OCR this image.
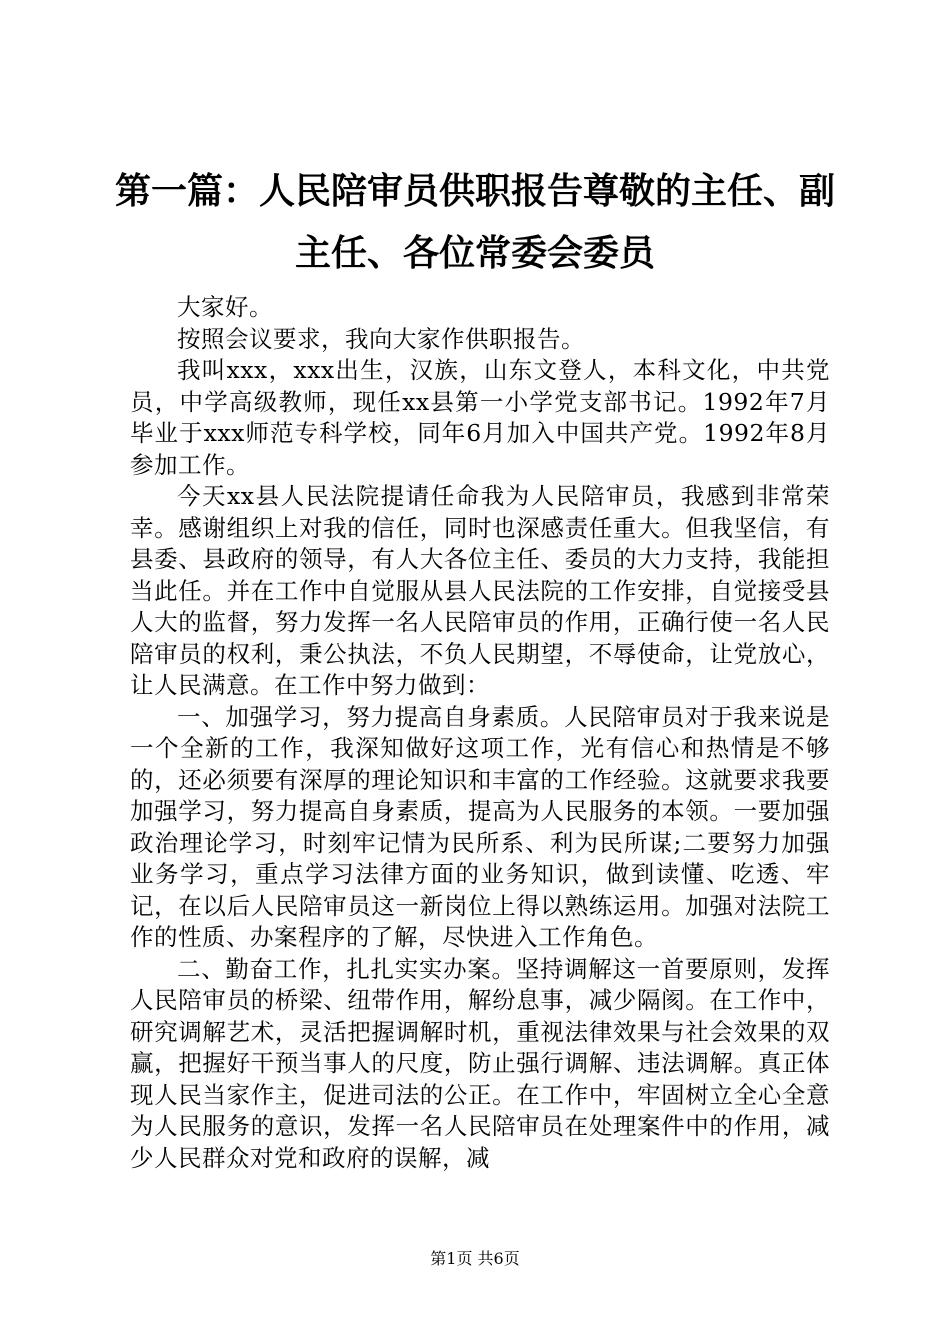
第一篇：人民陪审员供职报告尊敬的主任、副主任、各位常委会委员

大家好。

按照会议要求，我向大家作供职报告。

我叫xxx，xxx出生，汉族，山东文登人，本科文化，中共党员，中学高级教师，现任xx县第一小学党支部书记。1992年7月毕业于xxx师范专科学校，同年6月加入中国共产党。1992年8月参加工作。

今天xx县人民法院提请任命我为人民陪审员，我感到非常荣幸。感谢组织上对我的信任，同时也深感责任重大。但我坚信，有县委、县政府的领导，有人大各位主任、委员的大力支持，我能担当此任。并在工作中自觉服从县人民法院的工作安排，自觉接受县人大的监督，努力发挥一名人民陪审员的作用，正确行使一名人民陪审员的权利，秉公执法，不负人民期望，不辱使命，让党放心，让人民满意。在工作中努力做到：

一、加强学习，努力提高自身素质。人民陪审员对于我来说是一个全新的工作，我深知做好这项工作，光有信心和热情是不够的，还必须要有深厚的理论知识和丰富的工作经验。这就要求我要加强学习，努力提高自身素质，提高为人民服务的本领。一要加强政治理论学习，时刻牢记情为民所系、利为民所谋;二要努力加强业务学习，重点学习法律方面的业务知识，做到读懂、吃透、牢记，在以后人民陪审员这一新岗位上得以熟练运用。加强对法院工作的性质、办案程序的了解，尽快进入工作角色。

二、勤奋工作，扎扎实实办案。坚持调解这一首要原则，发挥人民陪审员的桥梁、纽带作用，解纷息事，减少隔阂。在工作中，研究调解艺术，灵活把握调解时机，重视法律效果与社会效果的双赢，把握好干预当事人的尺度，防止强行调解、违法调解。真正体现人民当家作主，促进司法的公正。在工作中，牢固树立全心全意为人民服务的意识，发挥一名人民陪审员在处理案件中的作用，减少人民群众对党和政府的误解，减

第1页 共6页
